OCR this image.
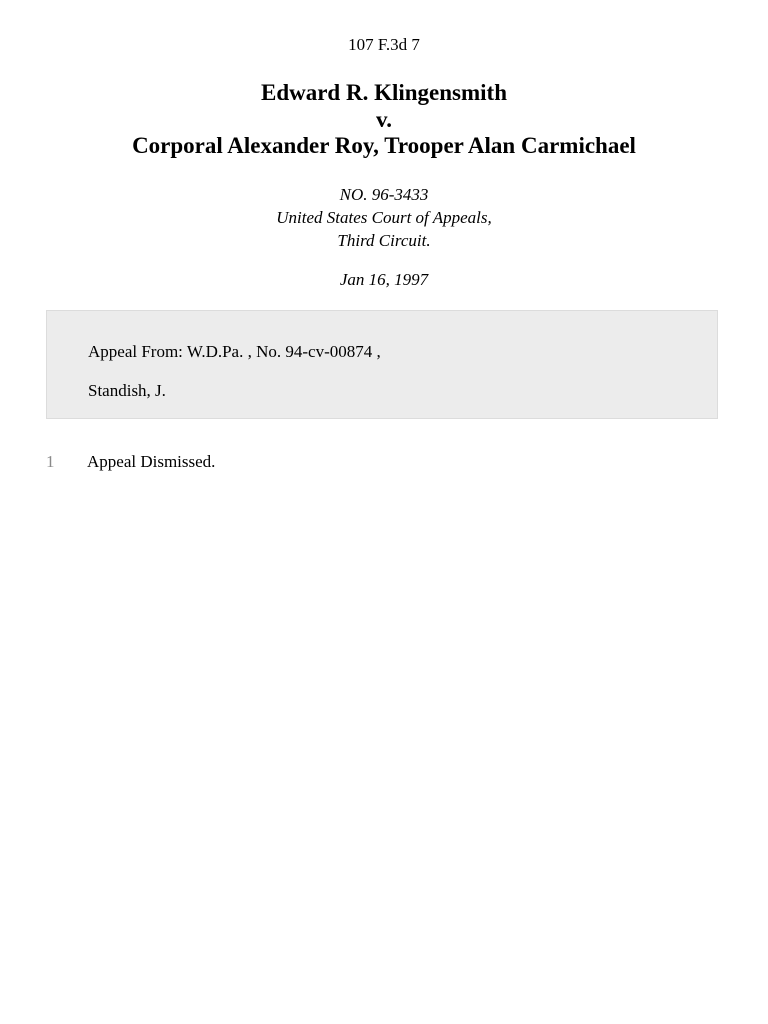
107 F.3d 7
Edward R. Klingensmith
v.
Corporal Alexander Roy, Trooper Alan Carmichael
NO. 96-3433
United States Court of Appeals,
Third Circuit.
Jan 16, 1997
Appeal From: W.D.Pa. , No. 94-cv-00874 ,
Standish, J.
1 Appeal Dismissed.
